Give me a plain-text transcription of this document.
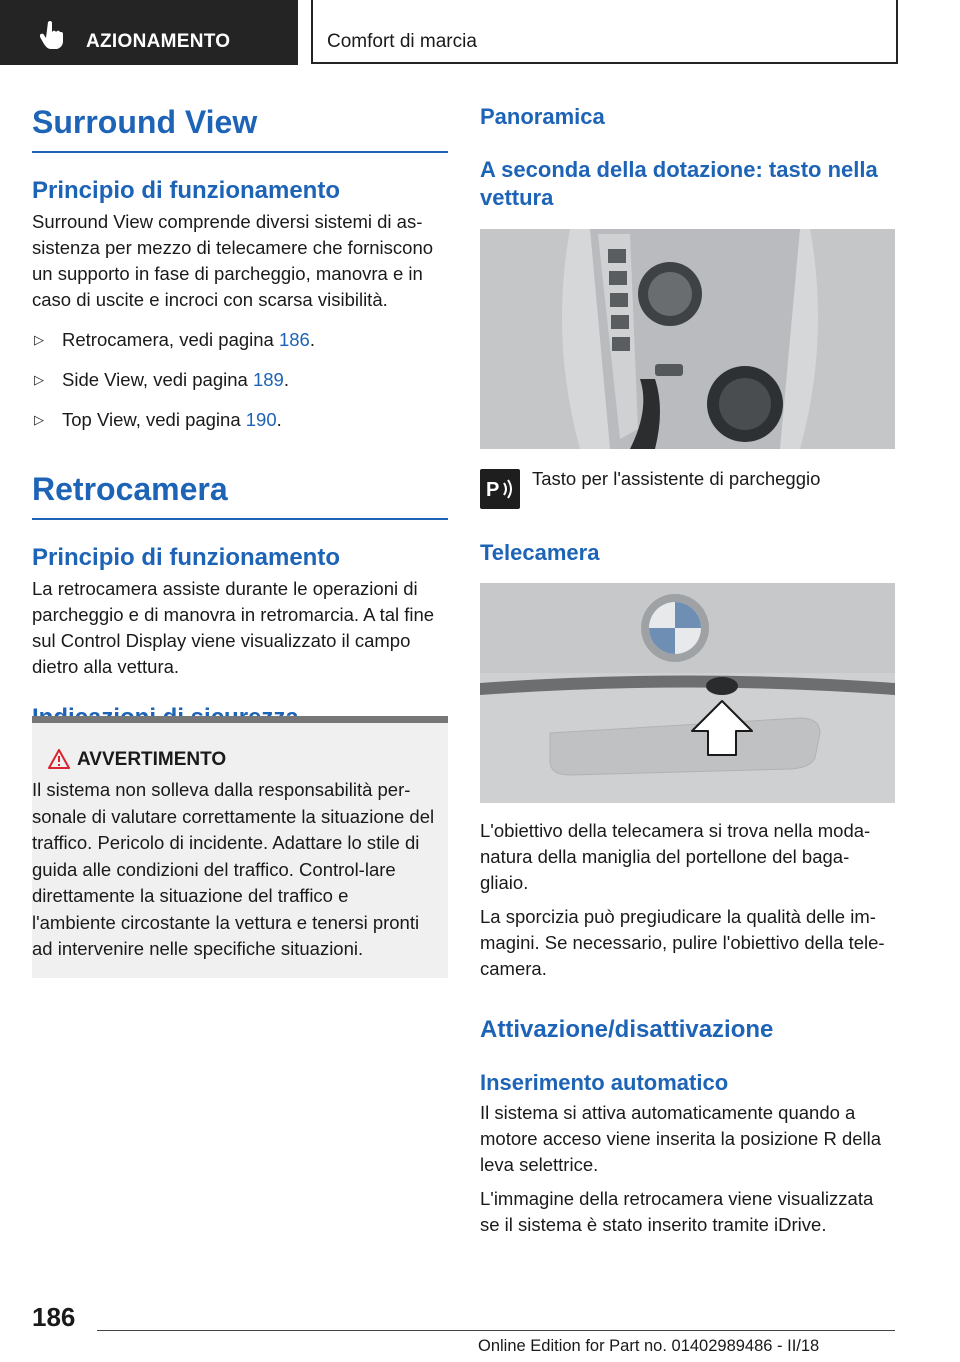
AZIONAMENTO	Comfort di marcia
Surround View
Principio di funzionamento

Surround View comprende diversi sistemi di as-sistenza per mezzo di telecamere che forniscono un supporto in fase di parcheggio, manovra e in caso di uscite e incroci con scarsa visibilità.

▷ Retrocamera, vedi pagina 186.
▷ Side View, vedi pagina 189.
▷ Top View, vedi pagina 190.
Retrocamera
Principio di funzionamento

La retrocamera assiste durante le operazioni di parcheggio e di manovra in retromarcia. A tal fine sul Control Display viene visualizzato il campo dietro alla vettura.

AVVERTIMENTO
Il sistema non solleva dalla responsabilità per-sonale di valutare correttamente la situazione del traffico. Pericolo di incidente. Adattare lo stile di guida alle condizioni del traffico. Control-lare direttamente la situazione del traffico e l'ambiente circostante la vettura e tenersi pronti ad intervenire nelle specifiche situazioni.
Panoramica
A seconda della dotazione: tasto nella vettura
P

Tasto per l'assistente di parcheggio

Telecamera

L'obiettivo della telecamera si trova nella moda-natura della maniglia del portellone del baga-gliaio.

La sporcizia può pregiudicare la qualità delle im-magini. Se necessario, pulire l'obiettivo della tele-camera.

Attivazione/disattivazione
Inserimento automatico

Il sistema si attiva automaticamente quando a motore acceso viene inserita la posizione R della leva selettrice.

L'immagine della retrocamera viene visualizzata se il sistema è stato inserito tramite iDrive.

186
Online Edition for Part no. 01402989486 - II/18
